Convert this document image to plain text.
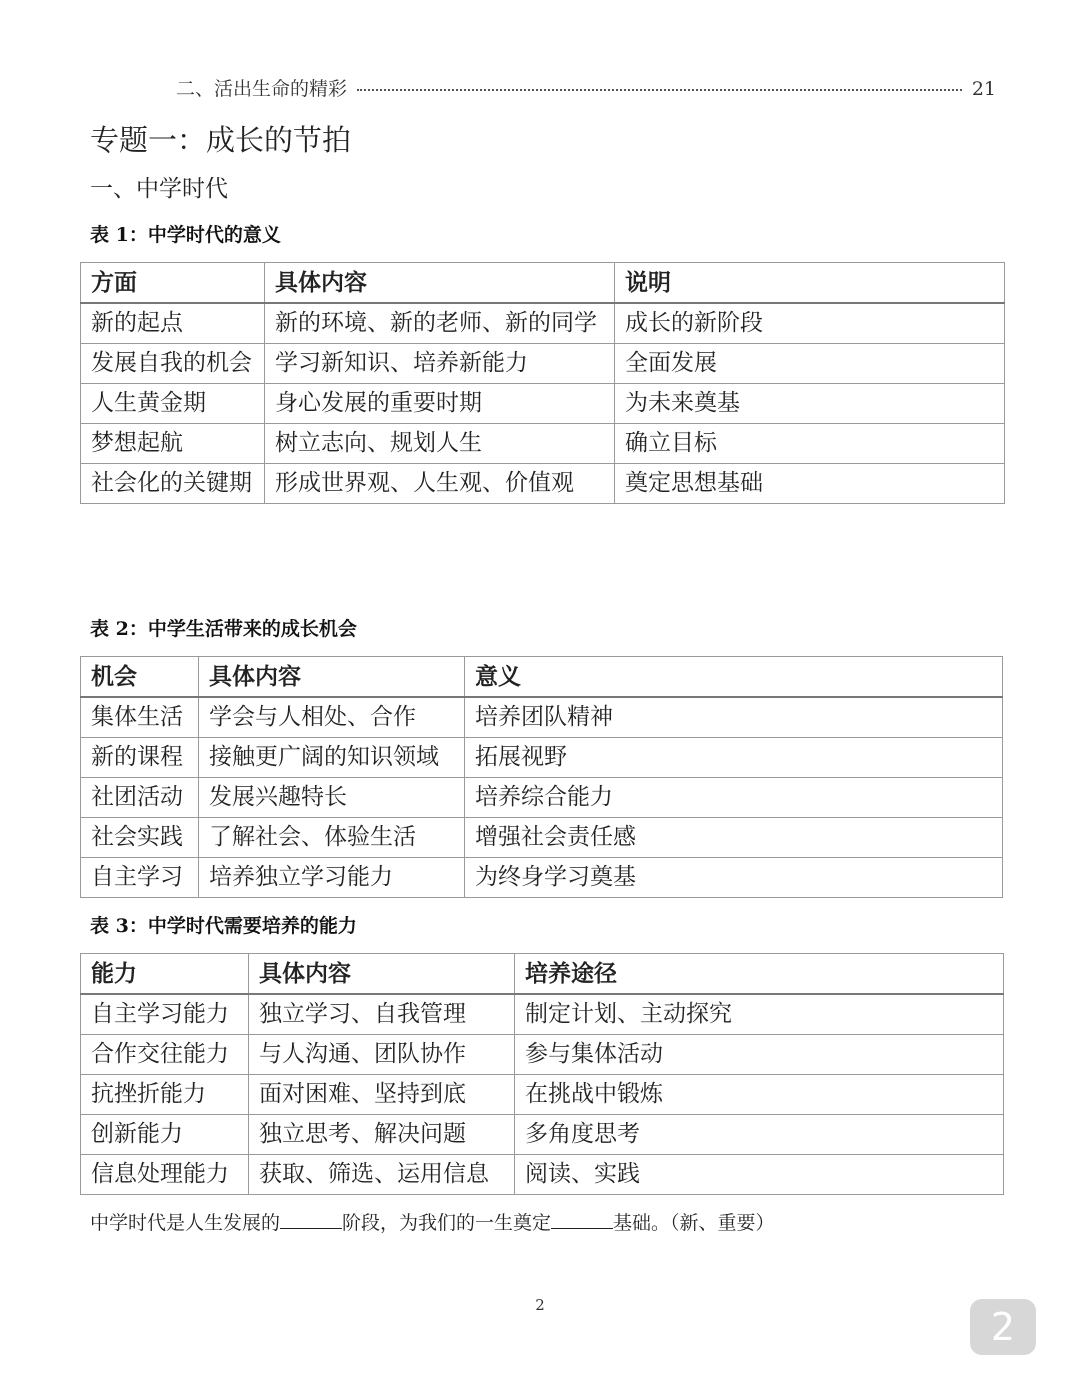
二、活出生命的精彩	21
专题一：成长的节拍
一、中学时代
表 1：中学时代的意义
方面	具体内容	说明
新的起点	新的环境、新的老师、新的同学	成长的新阶段
发展自我的机会	学习新知识、培养新能力	全面发展
人生黄金期	身心发展的重要时期	为未来奠基
梦想起航	树立志向、规划人生	确立目标
社会化的关键期	形成世界观、人生观、价值观	奠定思想基础
表 2：中学生活带来的成长机会
机会	具体内容	意义
集体生活	学会与人相处、合作	培养团队精神
新的课程	接触更广阔的知识领域	拓展视野
社团活动	发展兴趣特长	培养综合能力
社会实践	了解社会、体验生活	增强社会责任感
自主学习	培养独立学习能力	为终身学习奠基
表 3：中学时代需要培养的能力
能力	具体内容	培养途径
自主学习能力	独立学习、自我管理	制定计划、主动探究
合作交往能力	与人沟通、团队协作	参与集体活动
抗挫折能力	面对困难、坚持到底	在挑战中锻炼
创新能力	独立思考、解决问题	多角度思考
信息处理能力	获取、筛选、运用信息	阅读、实践
中学时代是人生发展的	阶段，为我们的一生奠定	基础。（新、重要）
2	2
